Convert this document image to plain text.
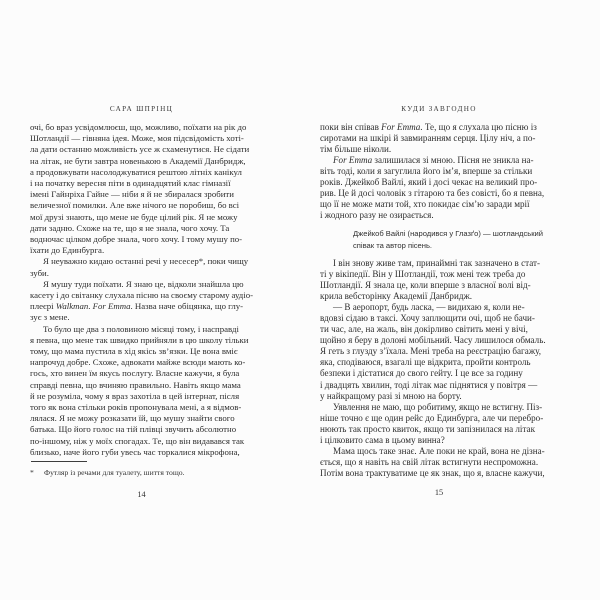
САРА ШПРІНЦ
очі, бо враз усвідомлюєш, що, можливо, поїхати на рік до
Шотландії — гівняна ідея. Може, моя підсвідомість хоті-
ла дати останню можливість усе ж схаменутися. Не сідати
на літак, не бути завтра новенькою в Академії Данбридж,
а продовжувати насолоджуватися рештою літніх канікул
і на початку вересня піти в одинадцятий клас гімназії
імені Гайнріха Гайне — ніби я й не збиралася зробити
величезної помилки. Але вже нічого не поробиш, бо всі
мої друзі знають, що мене не буде цілий рік. Я не можу
дати задню. Схоже на те, що я не знала, чого хочу. Та
водночас цілком добре знала, чого хочу. І тому мушу по-
їхати до Единбурга.
Я неуважно кидаю останні речі у несесер*, поки чищу
зуби.
Я мушу туди поїхати. Я знаю це, відколи знайшла цю
касету і до світанку слухала пісню на своєму старому аудіо-
плеєрі Walkman. For Emma. Назва наче обіцянка, що глу-
зує з мене.
То було ще два з половиною місяці тому, і насправді
я певна, що мене так швидко прийняли в цю школу тільки
тому, що мама пустила в хід якісь зв’язки. Це вона вміє
напрочуд добре. Схоже, адвокати майже всюди мають ко-
гось, хто винен їм якусь послугу. Власне кажучи, я була
справді певна, що вчиняю правильно. Навіть якщо мама
й не розуміла, чому я враз захотіла в цей інтернат, після
того як вона стільки років пропонувала мені, а я відмов-
лялася. Я не можу розказати їй, що мушу знайти свого
батька. Що його голос на тій плівці звучить абсолютно
по-іншому, ніж у моїх спогадах. Те, що він видавався так
близько, наче його губи увесь час торкалися мікрофона,
* Футляр із речами для туалету, шиття тощо.
14
КУДИ ЗАВГОДНО
поки він співав For Emma. Те, що я слухала цю пісню із
сиротами на шкірі й завмиранням серця. Цілу ніч, а по-
тім більше ніколи.
For Emma залишилася зі мною. Пісня не зникла на-
віть тоді, коли я загуглила його ім’я, вперше за стільки
років. Джейкоб Вайлі, який і досі чекає на великий про-
рив. Це й досі чоловік з гітарою та без совісті, бо я певна,
що її не може мати той, хто покидає сім’ю заради мрії
і жодного разу не озирається.
Джейкоб Вайлі (народився у Глазґо) — шотландський
співак та автор пісень.
І він знову живе там, принаймні так зазначено в стат-
ті у вікіпедії. Він у Шотландії, тож мені теж треба до
Шотландії. Я знала це, коли вперше з власної волі від-
крила вебсторінку Академії Данбридж.
— В аеропорт, будь ласка, — видихаю я, коли не-
вдовзі сідаю в таксі. Хочу заплющити очі, щоб не бачи-
ти час, але, на жаль, він докірливо світить мені у вічі,
щойно я беру в долоні мобільний. Часу лишилося обмаль.
Я геть з глузду з’їхала. Мені треба на реєстрацію багажу,
яка, сподіваюся, взагалі ще відкрита, пройти контроль
безпеки і дістатися до свого гейту. І це все за годину
і двадцять хвилин, тоді літак має піднятися у повітря —
у найкращому разі зі мною на борту.
Уявлення не маю, що робитиму, якщо не встигну. Піз-
ніше точно є ще один рейс до Единбурга, але чи перебро-
нюють так просто квиток, якщо ти запізнилася на літак
і цілковито сама в цьому винна?
Мама щось таке знає. Але поки не край, вона не дізна-
ється, що я навіть на свій літак встигнути неспроможна.
Потім вона трактуватиме це як знак, що я, власне кажучи,
15
